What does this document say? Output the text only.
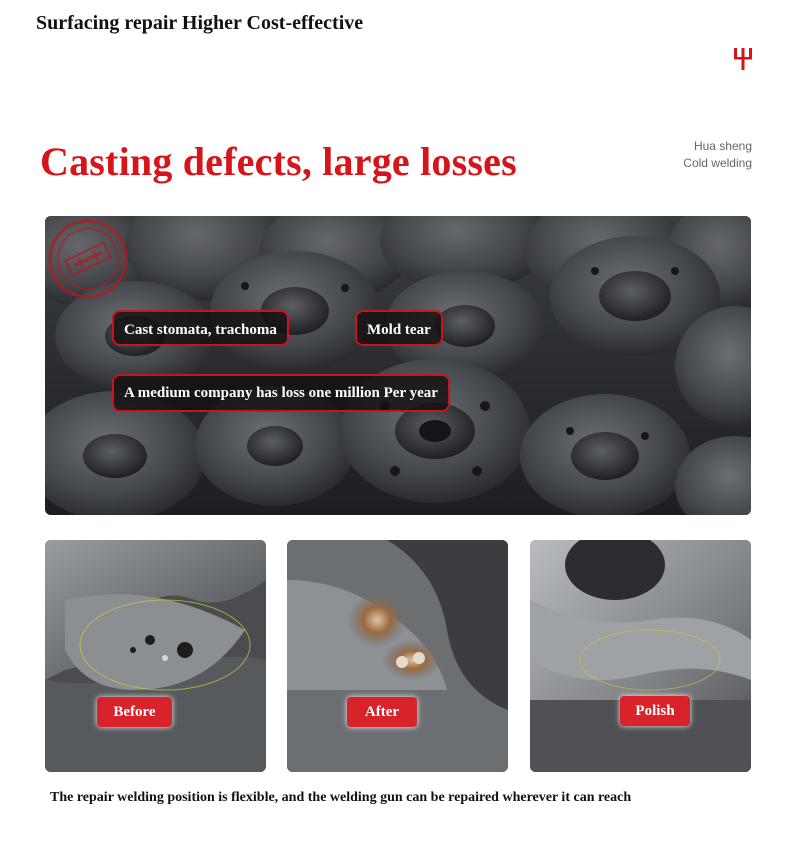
Surfacing repair Higher Cost-effective
Casting defects, large losses	Hua sheng
Cold welding
Cast stomata, trachoma	Mold tear
A medium company has loss one million Per year
Before	After	Polish
The repair welding position is flexible, and the welding gun can be repaired wherever it can reach
